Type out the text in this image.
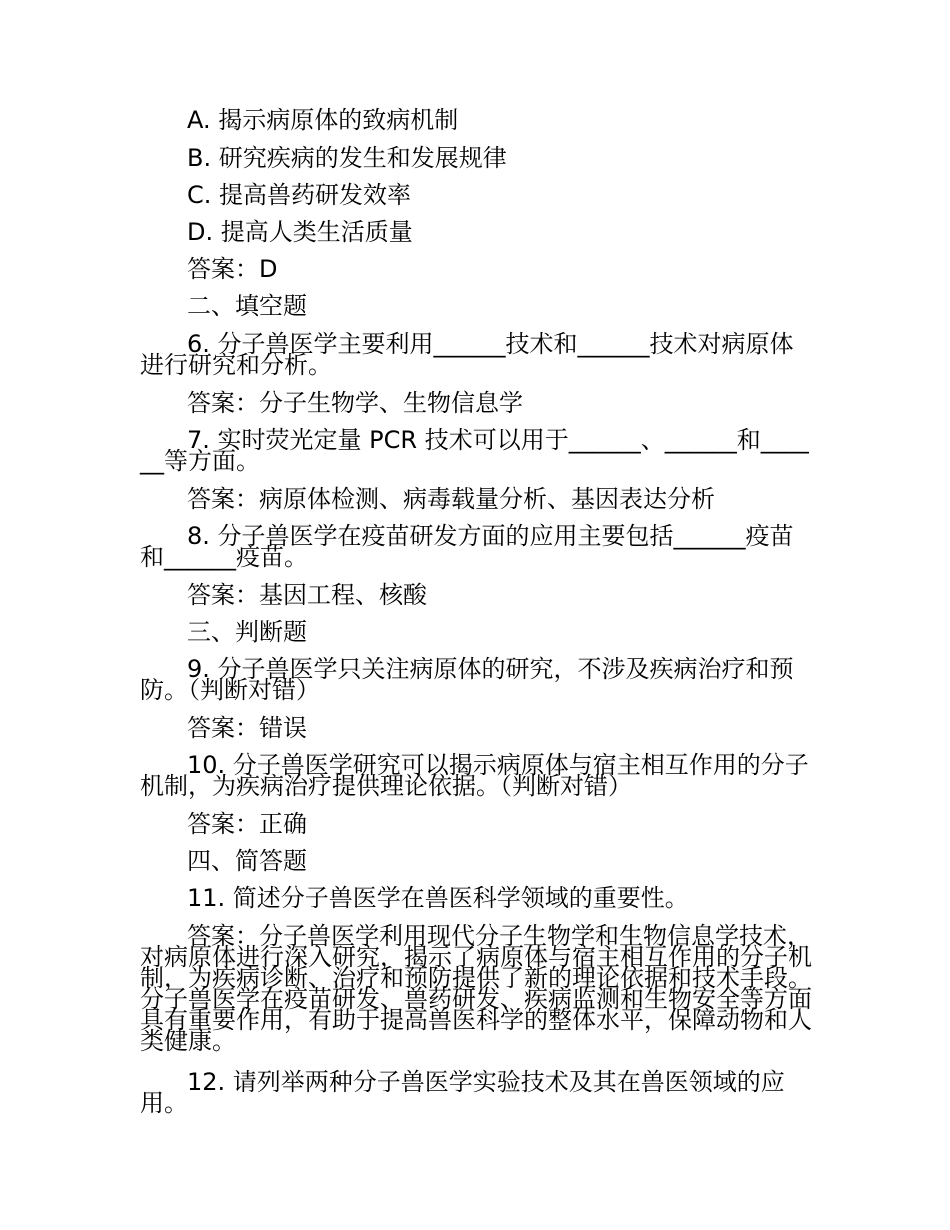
A. 揭示病原体的致病机制
B. 研究疾病的发生和发展规律
C. 提高兽药研发效率
D. 提高人类生活质量
答案：D
二、填空题
6. 分子兽医学主要利用______技术和______技术对病原体进行研究和分析。
答案：分子生物学、生物信息学
7. 实时荧光定量 PCR 技术可以用于______、______和______等方面。
答案：病原体检测、病毒载量分析、基因表达分析
8. 分子兽医学在疫苗研发方面的应用主要包括______疫苗和______疫苗。
答案：基因工程、核酸
三、判断题
9. 分子兽医学只关注病原体的研究，不涉及疾病治疗和预防。（判断对错）
答案：错误
10. 分子兽医学研究可以揭示病原体与宿主相互作用的分子机制，为疾病治疗提供理论依据。（判断对错）
答案：正确
四、简答题
11. 简述分子兽医学在兽医科学领域的重要性。
答案：分子兽医学利用现代分子生物学和生物信息学技术，对病原体进行深入研究，揭示了病原体与宿主相互作用的分子机制，为疾病诊断、治疗和预防提供了新的理论依据和技术手段。分子兽医学在疫苗研发、兽药研发、疾病监测和生物安全等方面具有重要作用，有助于提高兽医科学的整体水平，保障动物和人类健康。
12. 请列举两种分子兽医学实验技术及其在兽医领域的应用。
